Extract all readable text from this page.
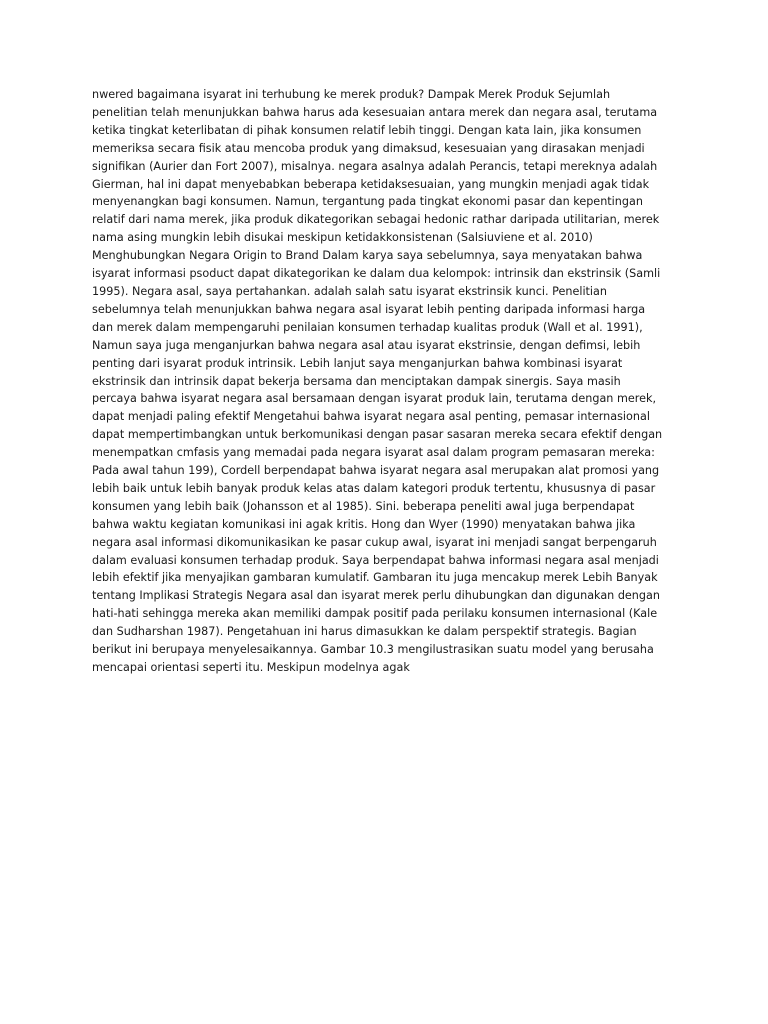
nwered bagaimana isyarat ini terhubung ke merek produk? Dampak Merek Produk Sejumlah
penelitian telah menunjukkan bahwa harus ada kesesuaian antara merek dan negara asal, terutama
ketika tingkat keterlibatan di pihak konsumen relatif lebih tinggi. Dengan kata lain, jika konsumen
memeriksa secara fisik atau mencoba produk yang dimaksud, kesesuaian yang dirasakan menjadi
signifikan (Aurier dan Fort 2007), misalnya. negara asalnya adalah Perancis, tetapi mereknya adalah
Gierman, hal ini dapat menyebabkan beberapa ketidaksesuaian, yang mungkin menjadi agak tidak
menyenangkan bagi konsumen. Namun, tergantung pada tingkat ekonomi pasar dan kepentingan
relatif dari nama merek, jika produk dikategorikan sebagai hedonic rathar daripada utilitarian, merek
nama asing mungkin lebih disukai meskipun ketidakkonsistenan (Salsiuviene et al. 2010)
Menghubungkan Negara Origin to Brand Dalam karya saya sebelumnya, saya menyatakan bahwa
isyarat informasi psoduct dapat dikategorikan ke dalam dua kelompok: intrinsik dan ekstrinsik (Samli
1995). Negara asal, saya pertahankan. adalah salah satu isyarat ekstrinsik kunci. Penelitian
sebelumnya telah menunjukkan bahwa negara asal isyarat lebih penting daripada informasi harga
dan merek dalam mempengaruhi penilaian konsumen terhadap kualitas produk (Wall et al. 1991),
Namun saya juga menganjurkan bahwa negara asal atau isyarat ekstrinsie, dengan defimsi, lebih
penting dari isyarat produk intrinsik. Lebih lanjut saya menganjurkan bahwa kombinasi isyarat
ekstrinsik dan intrinsik dapat bekerja bersama dan menciptakan dampak sinergis. Saya masih
percaya bahwa isyarat negara asal bersamaan dengan isyarat produk lain, terutama dengan merek,
dapat menjadi paling efektif Mengetahui bahwa isyarat negara asal penting, pemasar internasional
dapat mempertimbangkan untuk berkomunikasi dengan pasar sasaran mereka secara efektif dengan
menempatkan cmfasis yang memadai pada negara isyarat asal dalam program pemasaran mereka:
Pada awal tahun 199), Cordell berpendapat bahwa isyarat negara asal merupakan alat promosi yang
lebih baik untuk lebih banyak produk kelas atas dalam kategori produk tertentu, khususnya di pasar
konsumen yang lebih baik (Johansson et al 1985). Sini. beberapa peneliti awal juga berpendapat
bahwa waktu kegiatan komunikasi ini agak kritis. Hong dan Wyer (1990) menyatakan bahwa jika
negara asal informasi dikomunikasikan ke pasar cukup awal, isyarat ini menjadi sangat berpengaruh
dalam evaluasi konsumen terhadap produk. Saya berpendapat bahwa informasi negara asal menjadi
lebih efektif jika menyajikan gambaran kumulatif. Gambaran itu juga mencakup merek Lebih Banyak
tentang Implikasi Strategis Negara asal dan isyarat merek perlu dihubungkan dan digunakan dengan
hati-hati sehingga mereka akan memiliki dampak positif pada perilaku konsumen internasional (Kale
dan Sudharshan 1987). Pengetahuan ini harus dimasukkan ke dalam perspektif strategis. Bagian
berikut ini berupaya menyelesaikannya. Gambar 10.3 mengilustrasikan suatu model yang berusaha
mencapai orientasi seperti itu. Meskipun modelnya agak
